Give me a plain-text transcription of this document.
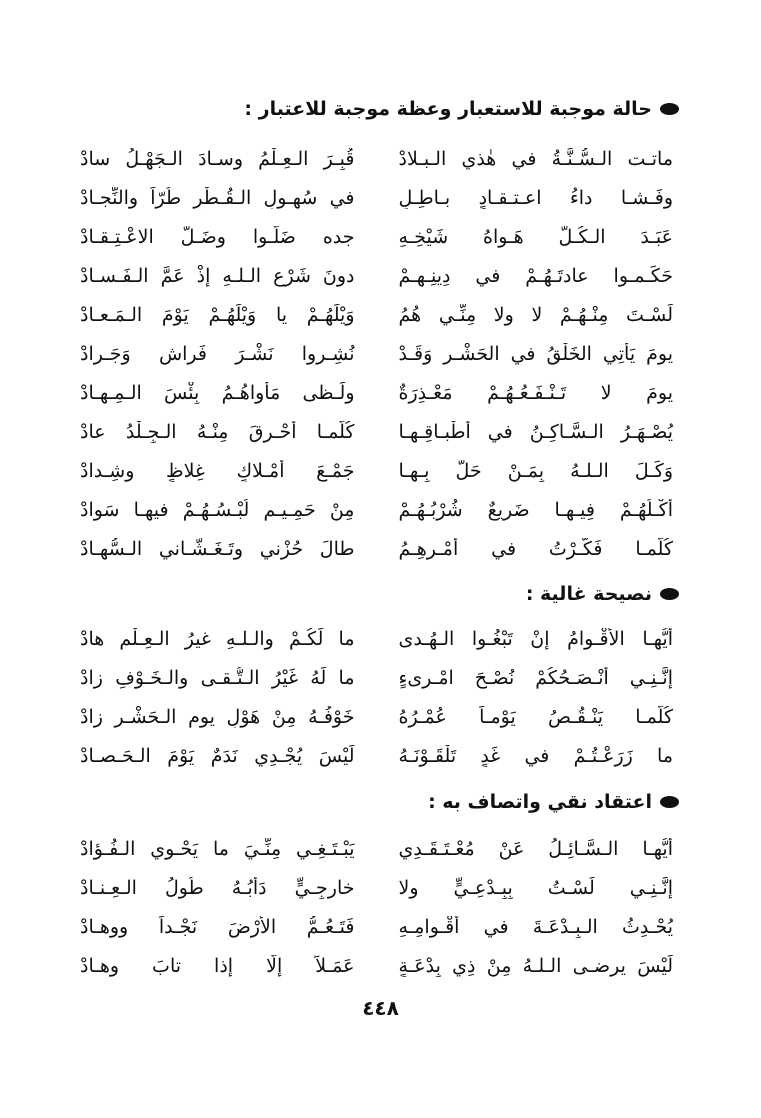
حالة موجبة للاستعبار وعظة موجبة للاعتبار :
ماتـت الـسُّـنَّـةُ في هٰذي الـبـلادْ
قُبِـرَ الـعِـلْمُ وسـادَ الـجَهْـلُ سادْ
وفَـشـا داءُ اعـتـقـادٍ بـاطِـلٍ
في سُهـولِ الـقُـطْرِ طُرّاً والنِّجـادْ
عَبَـدَ الـكُـلَّ هَـواهُ شَيْخِـهِ
جده ضَلُّـوا وضَـلَّ الاعْـتِـقـادْ
حَكَـمـوا عادتَـهُـمْ في دِينِـهِـمْ
دونَ شَرْعِ الـلـهِ إذْ عَمَّ الـفَـسـادْ
لَسْـتَ مِنْـهُـمْ لا ولا مِنِّـي هُمُ
وَيْلَهُـمْ يا وَيْلَهُـمْ يَوْمَ الـمَـعـادْ
يومَ يَأتِي الخَلْقُ في الحَشْـرِ وَقَـدْ
نُشِـروا نَشْـرَ فَراشٍ وَجَـرادْ
يومَ لا تَـنْـفَـعُـهُـمْ مَعْـذِرَةٌ
ولَـظى مَأواهُـمُ بِئْسَ الـمِـهـادْ
يُصْـهَـرُ الـسَّـاكِـنُ في أطْبـاقِـهـا
كُلَّمـا أُحْـرِقَ مِنْـهُ الـجِـلْدُ عادْ
وَكَـلَ الـلـهُ بِمَـنْ حَلَّ بِـهـا
جَمْـعَ أمْـلاكٍ غِلاظٍ وشِـدادْ
أكْـلُهُـمْ فِيـهـا ضَريعٌ شُرْبُـهُـمْ
مِنْ حَمِـيـمٍ لُبْـسُـهُـمْ فيهـا سَوادْ
كُلَّمـا فَكَّـرْتُ في أمْـرِهِـمُ
طالَ حُزْني وتَـغَـشَّـاني الـسُّهـادْ
نصيحة غالية :
أيُّهـا الأقْـوامُ إنْ تَبْغُـوا الـهُـدى
ما لَكُـمْ والـلـهِ غيرُ الـعِـلْمِ هادْ
إنَّـنِـي أنْـصَـحُكُمْ نُصْـحَ امْـرِىءٍ
ما لَهُ غَيْرُ الـتُّـقـى والـخَـوْفِ زادْ
كُلَّمـا يَنْـقُـصُ يَوْمـاً عُمْـرُهُ
خَوْفُـهُ مِنْ هَوْلِ يومِ الـحَشْـرِ زادْ
ما زَرَعْـتُـمْ في غَدٍ تَلْقَـوْنَـهُ
لَيْسَ يُجْـدِي نَدَمٌ يَوْمَ الـحَـصـادْ
اعتقاد نقي واتصاف به :
أيُّهـا الـسَّـائِـلُ عَنْ مُعْـتَـقَـدِي
يَبْـتَـغِـي مِنِّـيَ ما يَحْـوِي الـفُـؤادْ
إنَّـنِـي لَسْـتُ بِبِـدْعِـيٍّ ولا
خارِجِـيٍّ دَأْبُـهُ طُولُ الـعِـنـادْ
يُحْـدِثُ الـبِـدْعَـةَ في أقْـوامِـهِ
فَتَـعُـمُّ الأرْضَ نَجْـداً ووِهـادْ
لَيْسَ يرضـى الـلـهُ مِنْ ذِي بِدْعَـةٍ
عَمَـلاً إلَّا إذا تابَ وهـادْ
٤٤٨
